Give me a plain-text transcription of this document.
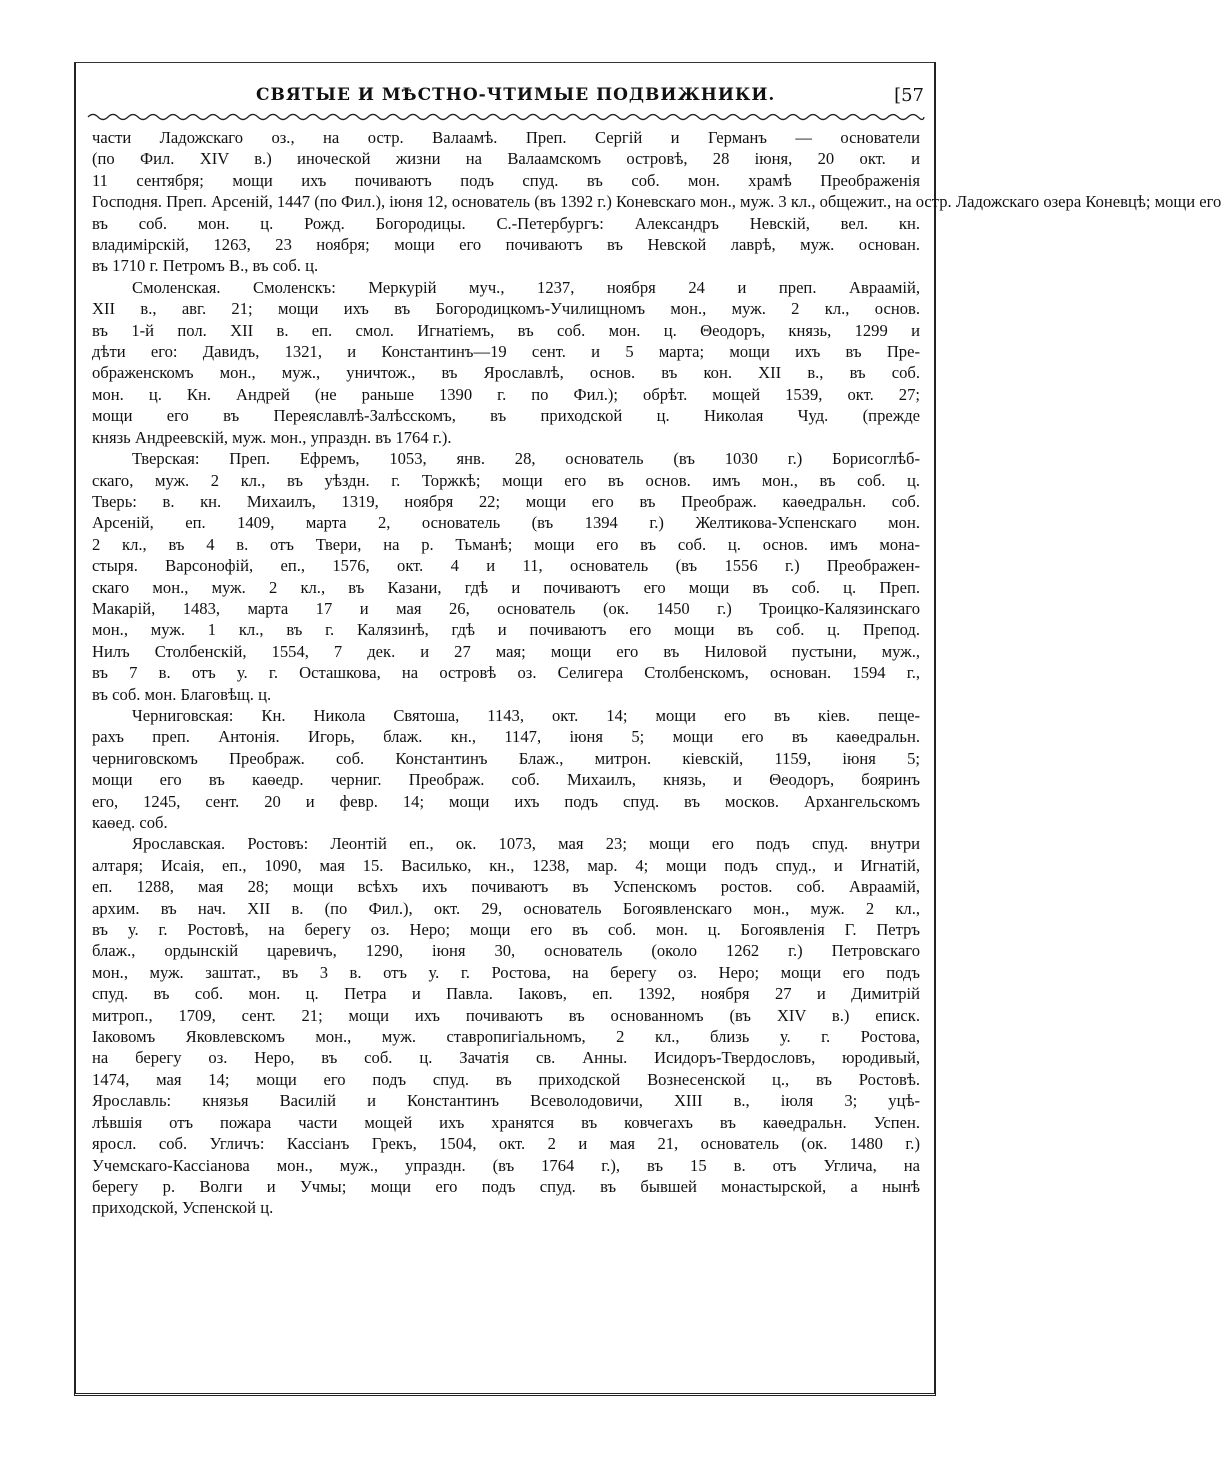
СВЯТЫЕ И МѢСТНО-ЧТИМЫЕ ПОДВИЖНИКИ.	[57

части Ладожскаго оз., на остр. Валаамѣ. Преп. Сергій и Германъ — основатели
(по Фил. XIV в.) иноческой жизни на Валаамскомъ островѣ, 28 іюня, 20 окт. и
11 сентября; мощи ихъ почиваютъ подъ спуд. въ соб. мон. храмѣ Преображенія
Господня. Преп. Арсеній, 1447 (по Фил.), іюня 12, основатель (въ 1392 г.) Коневскаго мон., муж. 3 кл., общежит., на остр. Ладожскаго озера Коневцѣ; мощи его
въ соб. мон. ц. Рожд. Богородицы. С.-Петербургъ: Александръ Невскій, вел. кн.
владимірскій, 1263, 23 ноября; мощи его почиваютъ въ Невской лаврѣ, муж. основан.
въ 1710 г. Петромъ В., въ соб. ц.

Смоленская. Смоленскъ: Меркурій муч., 1237, ноября 24 и преп. Авраамій,
XII в., авг. 21; мощи ихъ въ Богородицкомъ-Училищномъ мон., муж. 2 кл., основ.
въ 1-й пол. XII в. еп. смол. Игнатіемъ, въ соб. мон. ц. Θеодоръ, князь, 1299 и
дѣти его: Давидъ, 1321, и Константинъ—19 сент. и 5 марта; мощи ихъ въ Пре-
ображенскомъ мон., муж., уничтож., въ Ярославлѣ, основ. въ кон. XII в., въ соб.
мон. ц. Кн. Андрей (не раньше 1390 г. по Фил.); обрѣт. мощей 1539, окт. 27;
мощи его въ Переяславлѣ-Залѣсскомъ, въ приходской ц. Николая Чуд. (прежде
князь Андреевскій, муж. мон., упраздн. въ 1764 г.).

Тверская: Преп. Ефремъ, 1053, янв. 28, основатель (въ 1030 г.) Борисоглѣб-
скаго, муж. 2 кл., въ уѣздн. г. Торжкѣ; мощи его въ основ. имъ мон., въ соб. ц.
Тверь: в. кн. Михаилъ, 1319, ноября 22; мощи его въ Преображ. каѳедральн. соб.
Арсеній, еп. 1409, марта 2, основатель (въ 1394 г.) Желтикова-Успенскаго мон.
2 кл., въ 4 в. отъ Твери, на р. Тьманѣ; мощи его въ соб. ц. основ. имъ мона-
стыря. Варсонофій, еп., 1576, окт. 4 и 11, основатель (въ 1556 г.) Преображен-
скаго мон., муж. 2 кл., въ Казани, гдѣ и почиваютъ его мощи въ соб. ц. Преп.
Макарій, 1483, марта 17 и мая 26, основатель (ок. 1450 г.) Троицко-Калязинскаго
мон., муж. 1 кл., въ г. Калязинѣ, гдѣ и почиваютъ его мощи въ соб. ц. Препод.
Нилъ Столбенскій, 1554, 7 дек. и 27 мая; мощи его въ Ниловой пустыни, муж.,
въ 7 в. отъ у. г. Осташкова, на островѣ оз. Селигера Столбенскомъ, основан. 1594 г.,
въ соб. мон. Благовѣщ. ц.

Черниговская: Кн. Никола Святоша, 1143, окт. 14; мощи его въ кіев. пеще-
рахъ преп. Антонія. Игорь, блаж. кн., 1147, іюня 5; мощи его въ каѳедральн.
черниговскомъ Преображ. соб. Константинъ Блаж., митрон. кіевскій, 1159, іюня 5;
мощи его въ каѳедр. черниг. Преображ. соб. Михаилъ, князь, и Θеодоръ, бояринъ
его, 1245, сент. 20 и февр. 14; мощи ихъ подъ спуд. въ москов. Архангельскомъ
каѳед. соб.

Ярославская. Ростовъ: Леонтій еп., ок. 1073, мая 23; мощи его подъ спуд. внутри
алтаря; Исаія, еп., 1090, мая 15. Василько, кн., 1238, мар. 4; мощи подъ спуд., и Игнатій,
еп. 1288, мая 28; мощи всѣхъ ихъ почиваютъ въ Успенскомъ ростов. соб. Авраамій,
архим. въ нач. XII в. (по Фил.), окт. 29, основатель Богоявленскаго мон., муж. 2 кл.,
въ у. г. Ростовѣ, на берегу оз. Неро; мощи его въ соб. мон. ц. Богоявленія Г. Петръ
блаж., ордынскій царевичъ, 1290, іюня 30, основатель (около 1262 г.) Петровскаго
мон., муж. заштат., въ 3 в. отъ у. г. Ростова, на берегу оз. Неро; мощи его подъ
спуд. въ соб. мон. ц. Петра и Павла. Іаковъ, еп. 1392, ноября 27 и Димитрій
митроп., 1709, сент. 21; мощи ихъ почиваютъ въ основанномъ (въ XIV в.) еписк.
Іаковомъ Яковлевскомъ мон., муж. ставропигіальномъ, 2 кл., близь у. г. Ростова,
на берегу оз. Неро, въ соб. ц. Зачатія св. Анны. Исидоръ-Твердословъ, юродивый,
1474, мая 14; мощи его подъ спуд. въ приходской Вознесенской ц., въ Ростовѣ.
Ярославль: князья Василій и Константинъ Всеволодовичи, XIII в., іюля 3; уцѣ-
лѣвшія отъ пожара части мощей ихъ хранятся въ ковчегахъ въ каѳедральн. Успен.
яросл. соб. Угличъ: Кассіанъ Грекъ, 1504, окт. 2 и мая 21, основатель (ок. 1480 г.)
Учемскаго-Кассіанова мон., муж., упраздн. (въ 1764 г.), въ 15 в. отъ Углича, на
берегу р. Волги и Учмы; мощи его подъ спуд. въ бывшей монастырской, а нынѣ
приходской, Успенской ц.
